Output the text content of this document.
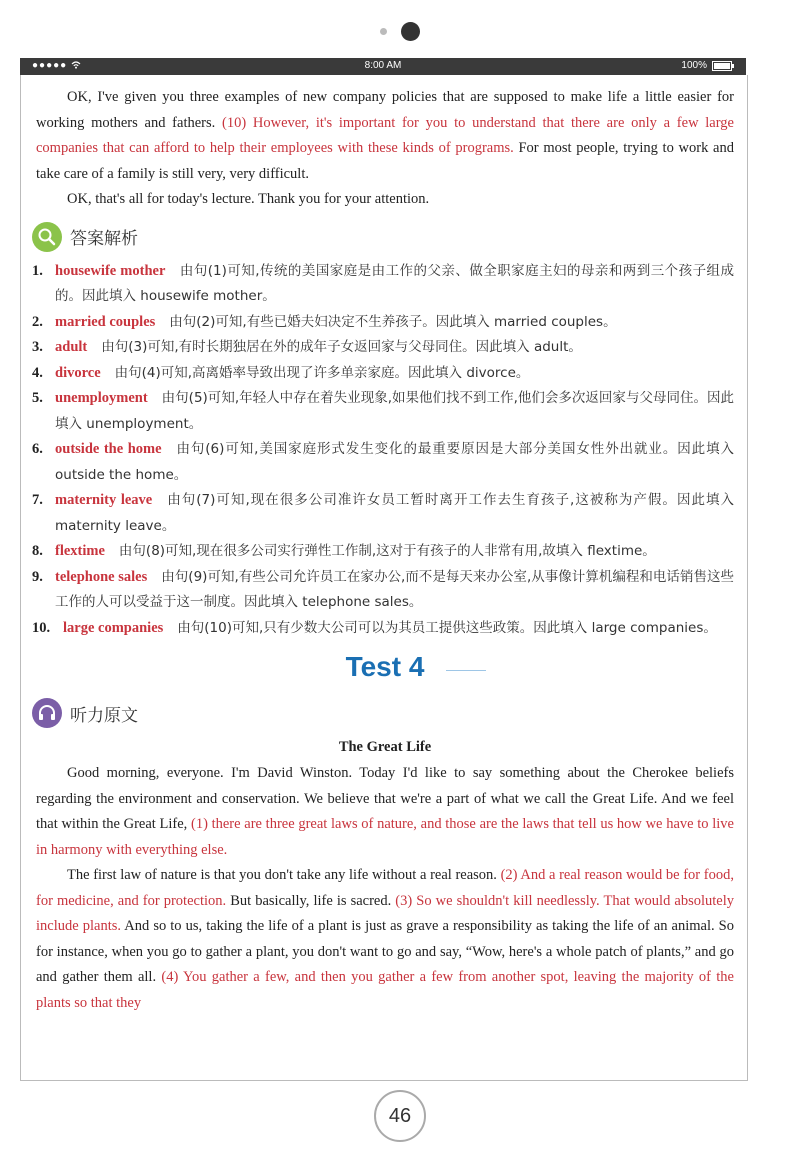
●●●●●	8:00 AM	100%

OK, I've given you three examples of new company policies that are supposed to make life a little easier for working mothers and fathers. (10) However, it's important for you to understand that there are only a few large companies that can afford to help their employees with these kinds of programs. For most people, trying to work and take care of a family is still very, very difficult.

OK, that's all for today's lecture. Thank you for your attention.

答案解析
1. housewife mother 由句(1)可知,传统的美国家庭是由工作的父亲、做全职家庭主妇的母亲和两到三个孩子组成的。因此填入 housewife mother。
2. married couples 由句(2)可知,有些已婚夫妇决定不生养孩子。因此填入 married couples。
3. adult 由句(3)可知,有时长期独居在外的成年子女返回家与父母同住。因此填入 adult。
4. divorce 由句(4)可知,高离婚率导致出现了许多单亲家庭。因此填入 divorce。
5. unemployment 由句(5)可知,年轻人中存在着失业现象,如果他们找不到工作,他们会多次返回家与父母同住。因此填入 unemployment。
6. outside the home 由句(6)可知,美国家庭形式发生变化的最重要原因是大部分美国女性外出就业。因此填入 outside the home。
7. maternity leave 由句(7)可知,现在很多公司准许女员工暂时离开工作去生育孩子,这被称为产假。因此填入 maternity leave。
8. flextime 由句(8)可知,现在很多公司实行弹性工作制,这对于有孩子的人非常有用,故填入 flextime。
9. telephone sales 由句(9)可知,有些公司允许员工在家办公,而不是每天来办公室,从事像计算机编程和电话销售这些工作的人可以受益于这一制度。因此填入 telephone sales。
10. large companies 由句(10)可知,只有少数大公司可以为其员工提供这些政策。因此填入 large companies。
Test 4
听力原文

The Great Life

Good morning, everyone. I'm David Winston. Today I'd like to say something about the Cherokee beliefs regarding the environment and conservation. We believe that we're a part of what we call the Great Life. And we feel that within the Great Life, (1) there are three great laws of nature, and those are the laws that tell us how we have to live in harmony with everything else.

The first law of nature is that you don't take any life without a real reason. (2) And a real reason would be for food, for medicine, and for protection. But basically, life is sacred. (3) So we shouldn't kill needlessly. That would absolutely include plants. And so to us, taking the life of a plant is just as grave a responsibility as taking the life of an animal. So for instance, when you go to gather a plant, you don't want to go and say, “Wow, here's a whole patch of plants,” and go and gather them all. (4) You gather a few, and then you gather a few from another spot, leaving the majority of the plants so that they

46
